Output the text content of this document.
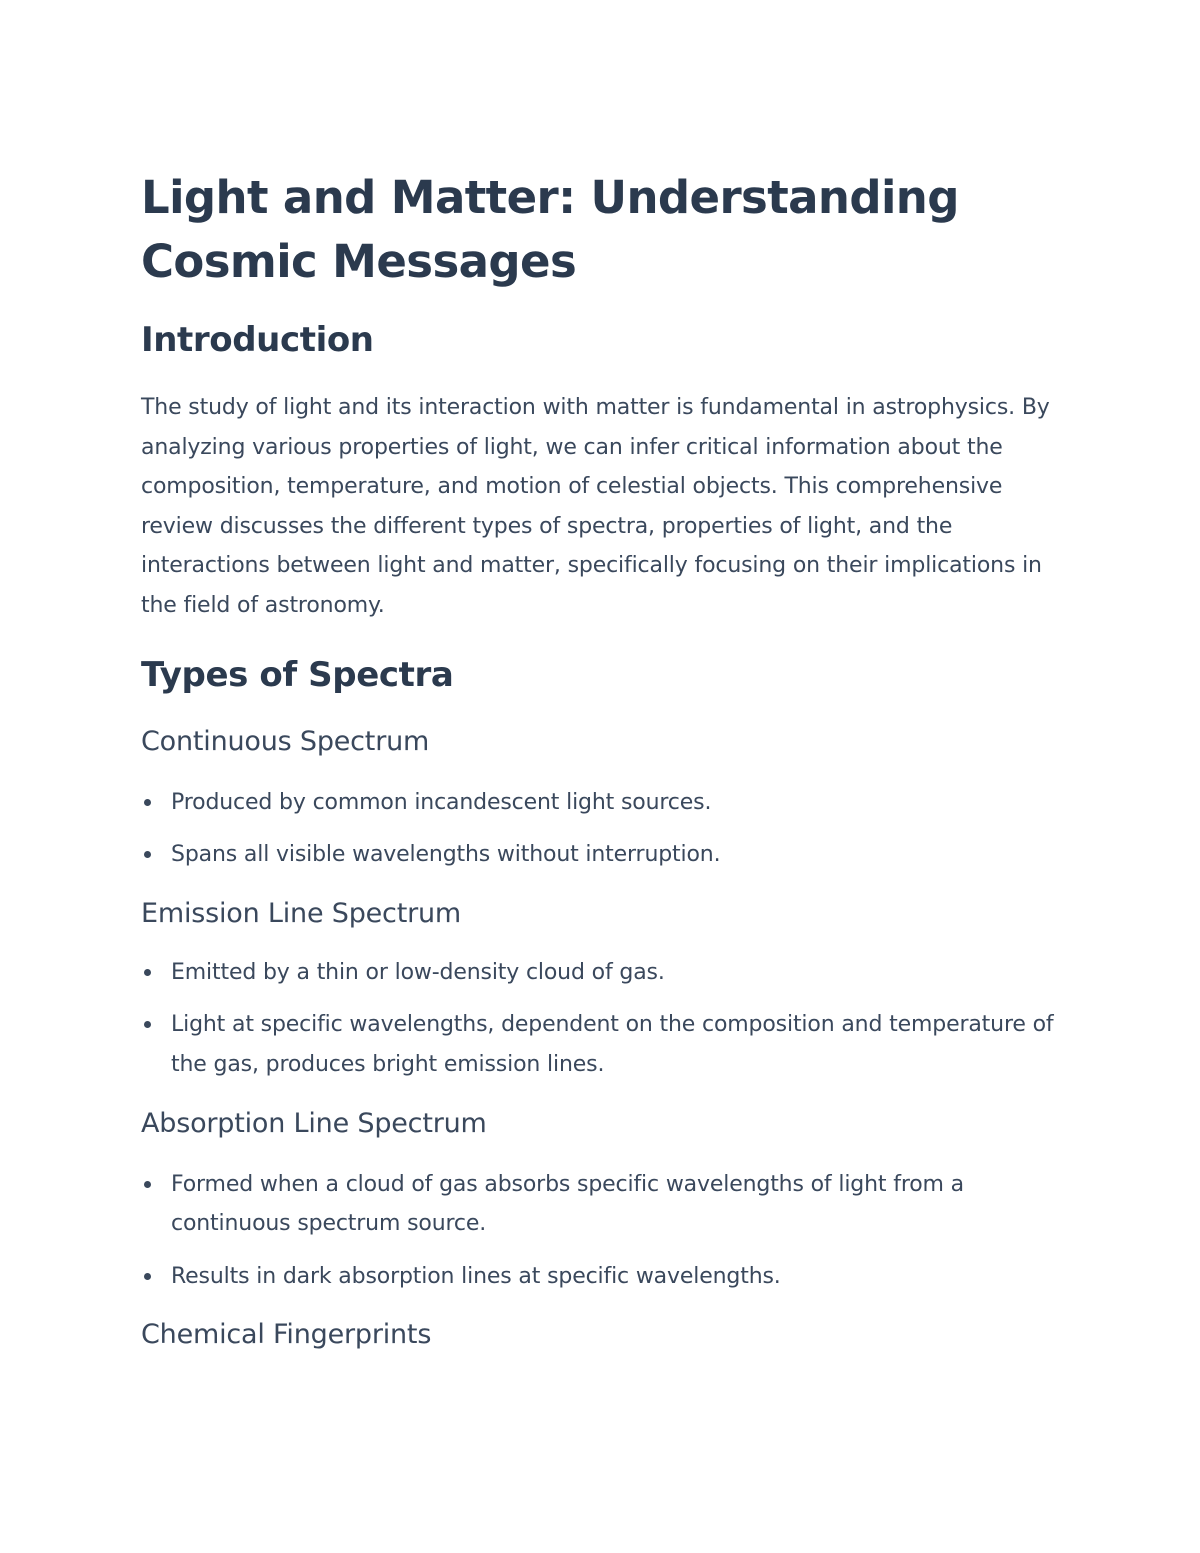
Light and Matter: Understanding Cosmic Messages
Introduction

The study of light and its interaction with matter is fundamental in astrophysics. By analyzing various properties of light, we can infer critical information about the composition, temperature, and motion of celestial objects. This comprehensive review discusses the different types of spectra, properties of light, and the interactions between light and matter, specifically focusing on their implications in the field of astronomy.

Types of Spectra
Continuous Spectrum
Produced by common incandescent light sources.
Spans all visible wavelengths without interruption.
Emission Line Spectrum
Emitted by a thin or low-density cloud of gas.
Light at specific wavelengths, dependent on the composition and temperature of the gas, produces bright emission lines.
Absorption Line Spectrum
Formed when a cloud of gas absorbs specific wavelengths of light from a continuous spectrum source.
Results in dark absorption lines at specific wavelengths.
Chemical Fingerprints
